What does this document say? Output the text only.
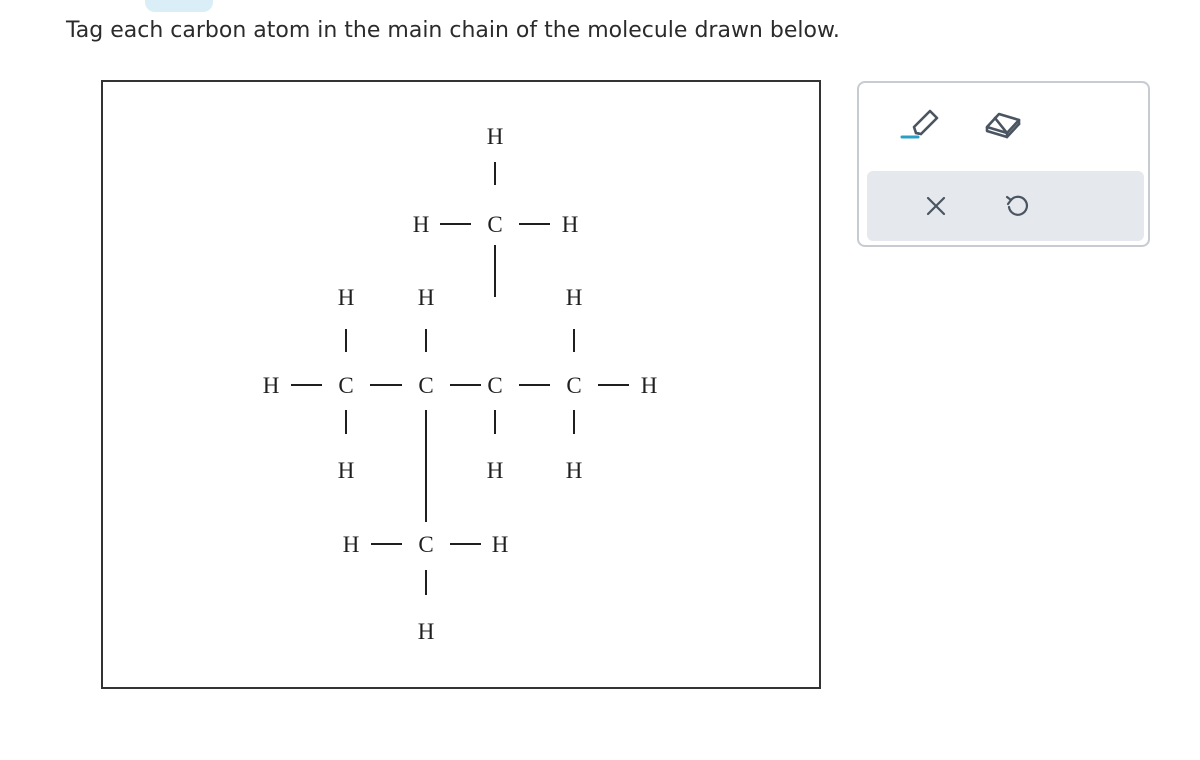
Tag each carbon atom in the main chain of the molecule drawn below.
H
H	C	H
H	H	H
H	C	C C	C	H
H	H	H
H	C	H
H
